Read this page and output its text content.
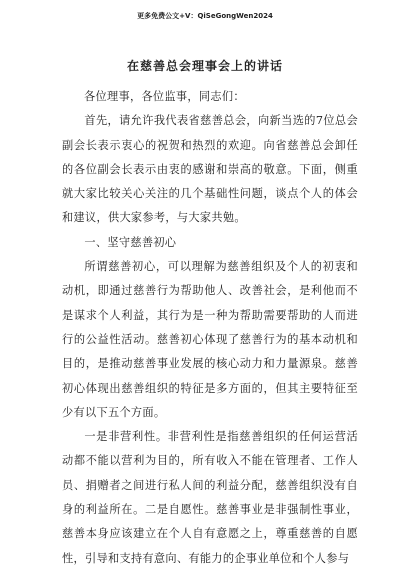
更多免费公文+V：QiSeGongWen2024
在慈善总会理事会上的讲话

各位理事，各位监事，同志们：

首先，请允许我代表省慈善总会，向新当选的7位总会副会长表示衷心的祝贺和热烈的欢迎。向省慈善总会卸任的各位副会长表示由衷的感谢和崇高的敬意。下面，侧重就大家比较关心关注的几个基础性问题，谈点个人的体会和建议，供大家参考，与大家共勉。

一、坚守慈善初心

所谓慈善初心，可以理解为慈善组织及个人的初衷和动机，即通过慈善行为帮助他人、改善社会，是利他而不是谋求个人利益，其行为是一种为帮助需要帮助的人而进行的公益性活动。慈善初心体现了慈善行为的基本动机和目的，是推动慈善事业发展的核心动力和力量源泉。慈善初心体现出慈善组织的特征是多方面的，但其主要特征至少有以下五个方面。

一是非营利性。非营利性是指慈善组织的任何运营活动都不能以营利为目的，所有收入不能在管理者、工作人员、捐赠者之间进行私人间的利益分配，慈善组织没有自身的利益所在。二是自愿性。慈善事业是非强制性事业，慈善本身应该建立在个人自有意愿之上，尊重慈善的自愿性，引导和支持有意向、有能力的企事业单位和个人参与
